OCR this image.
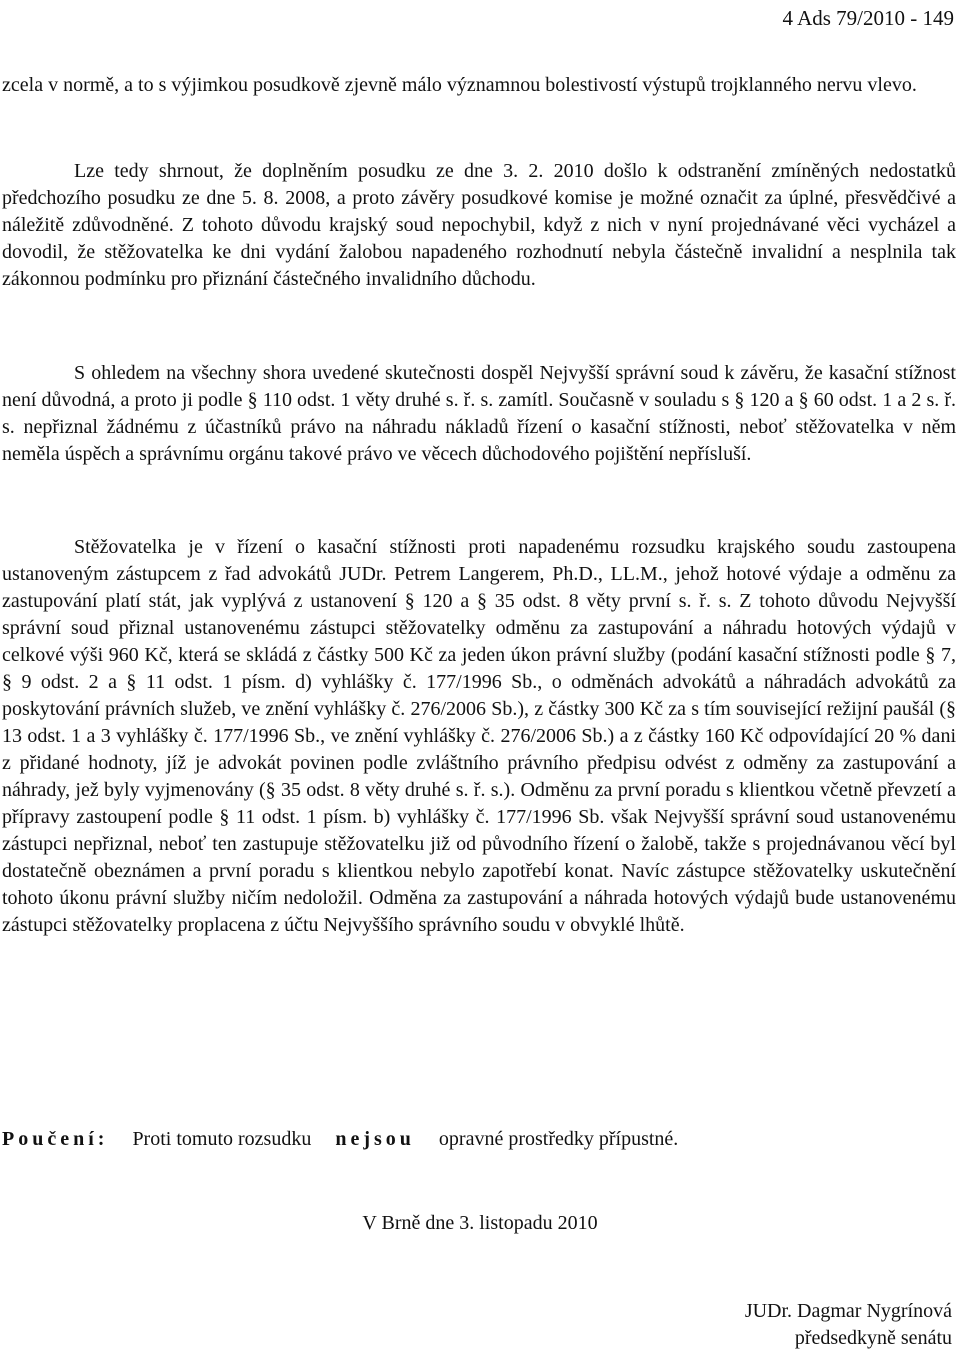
4 Ads 79/2010 - 149

zcela v normě, a to s výjimkou posudkově zjevně málo významnou bolestivostí výstupů trojklanného nervu vlevo.

Lze tedy shrnout, že doplněním posudku ze dne 3. 2. 2010 došlo k odstranění zmíněných nedostatků předchozího posudku ze dne 5. 8. 2008, a proto závěry posudkové komise je možné označit za úplné, přesvědčivé a náležitě zdůvodněné. Z tohoto důvodu krajský soud nepochybil, když z nich v nyní projednávané věci vycházel a dovodil, že stěžovatelka ke dni vydání žalobou napadeného rozhodnutí nebyla částečně invalidní a nesplnila tak zákonnou podmínku pro přiznání částečného invalidního důchodu.

S ohledem na všechny shora uvedené skutečnosti dospěl Nejvyšší správní soud k závěru, že kasační stížnost není důvodná, a proto ji podle § 110 odst. 1 věty druhé s. ř. s. zamítl. Současně v souladu s § 120 a § 60 odst. 1 a 2 s. ř. s. nepřiznal žádnému z účastníků právo na náhradu nákladů řízení o kasační stížnosti, neboť stěžovatelka v něm neměla úspěch a správnímu orgánu takové právo ve věcech důchodového pojištění nepřísluší.

Stěžovatelka je v řízení o kasační stížnosti proti napadenému rozsudku krajského soudu zastoupena ustanoveným zástupcem z řad advokátů JUDr. Petrem Langerem, Ph.D., LL.M., jehož hotové výdaje a odměnu za zastupování platí stát, jak vyplývá z ustanovení § 120 a § 35 odst. 8 věty první s. ř. s. Z tohoto důvodu Nejvyšší správní soud přiznal ustanovenému zástupci stěžovatelky odměnu za zastupování a náhradu hotových výdajů v celkové výši 960 Kč, která se skládá z částky 500 Kč za jeden úkon právní služby (podání kasační stížnosti podle § 7, § 9 odst. 2 a § 11 odst. 1 písm. d) vyhlášky č. 177/1996 Sb., o odměnách advokátů a náhradách advokátů za poskytování právních služeb, ve znění vyhlášky č. 276/2006 Sb.), z částky 300 Kč za s tím související režijní paušál (§ 13 odst. 1 a 3 vyhlášky č. 177/1996 Sb., ve znění vyhlášky č. 276/2006 Sb.) a z částky 160 Kč odpovídající 20 % dani z přidané hodnoty, jíž je advokát povinen podle zvláštního právního předpisu odvést z odměny za zastupování a náhrady, jež byly vyjmenovány (§ 35 odst. 8 věty druhé s. ř. s.). Odměnu za první poradu s klientkou včetně převzetí a přípravy zastoupení podle § 11 odst. 1 písm. b) vyhlášky č. 177/1996 Sb. však Nejvyšší správní soud ustanovenému zástupci nepřiznal, neboť ten zastupuje stěžovatelku již od původního řízení o žalobě, takže s projednávanou věcí byl dostatečně obeznámen a první poradu s klientkou nebylo zapotřebí konat. Navíc zástupce stěžovatelky uskutečnění tohoto úkonu právní služby ničím nedoložil. Odměna za zastupování a náhrada hotových výdajů bude ustanovenému zástupci stěžovatelky proplacena z účtu Nejvyššího správního soudu v obvyklé lhůtě.

Poučení: Proti tomuto rozsudku nejsou opravné prostředky přípustné.
V Brně dne 3. listopadu 2010
JUDr. Dagmar Nygrínová
předsedkyně senátu
